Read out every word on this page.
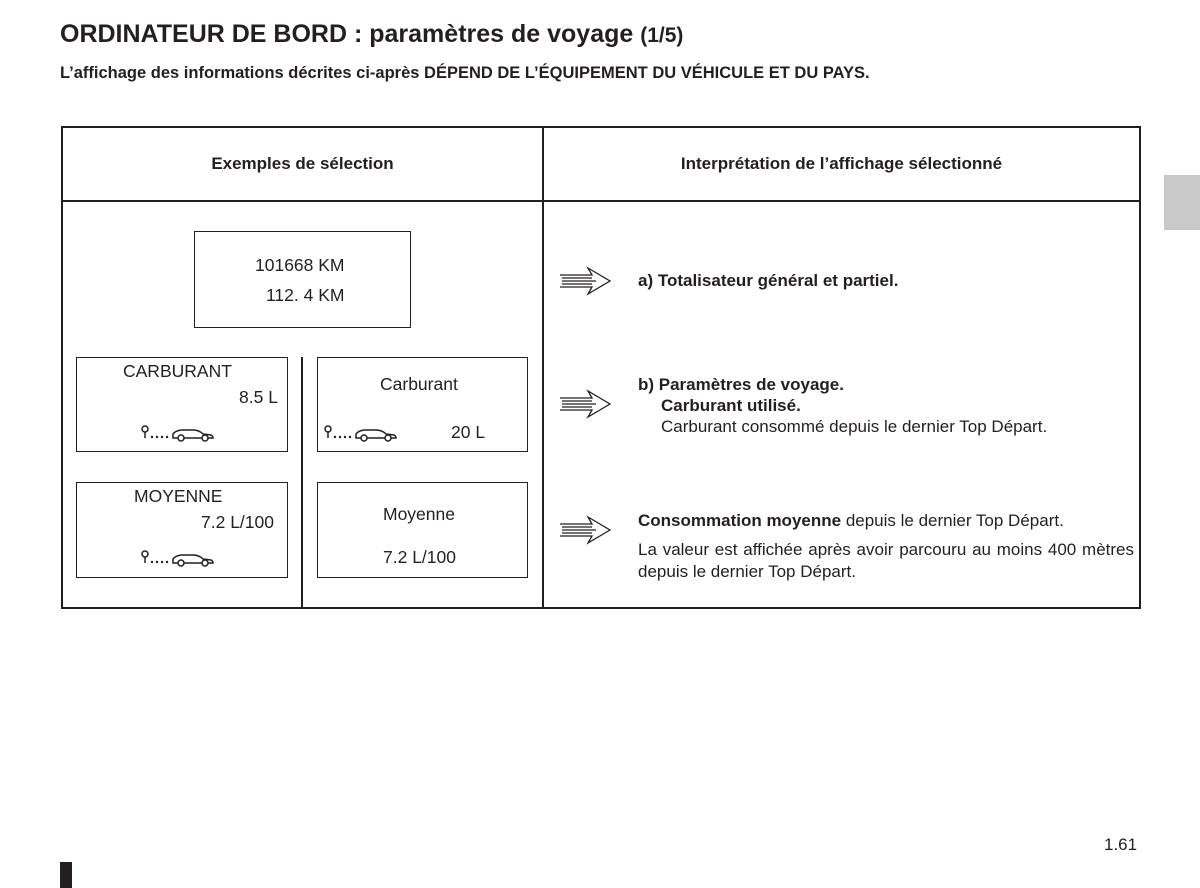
ORDINATEUR DE BORD : paramètres de voyage (1/5)
L’affichage des informations décrites ci-après DÉPEND DE L’ÉQUIPEMENT DU VÉHICULE ET DU PAYS.
Exemples de sélection	Interprétation de l’affichage sélectionné
101668 KM
112. 4 KM
CARBURANT
8.5 L
Carburant
20 L
MOYENNE
7.2 L/100	Moyenne
7.2 L/100
a) Totalisateur général et partiel.
b) Paramètres de voyage.
Carburant utilisé.
Carburant consommé depuis le dernier Top Départ.
Consommation moyenne depuis le dernier Top Départ.
La valeur est affichée après avoir parcouru au moins 400 mètres depuis le dernier Top Départ.
1.61
